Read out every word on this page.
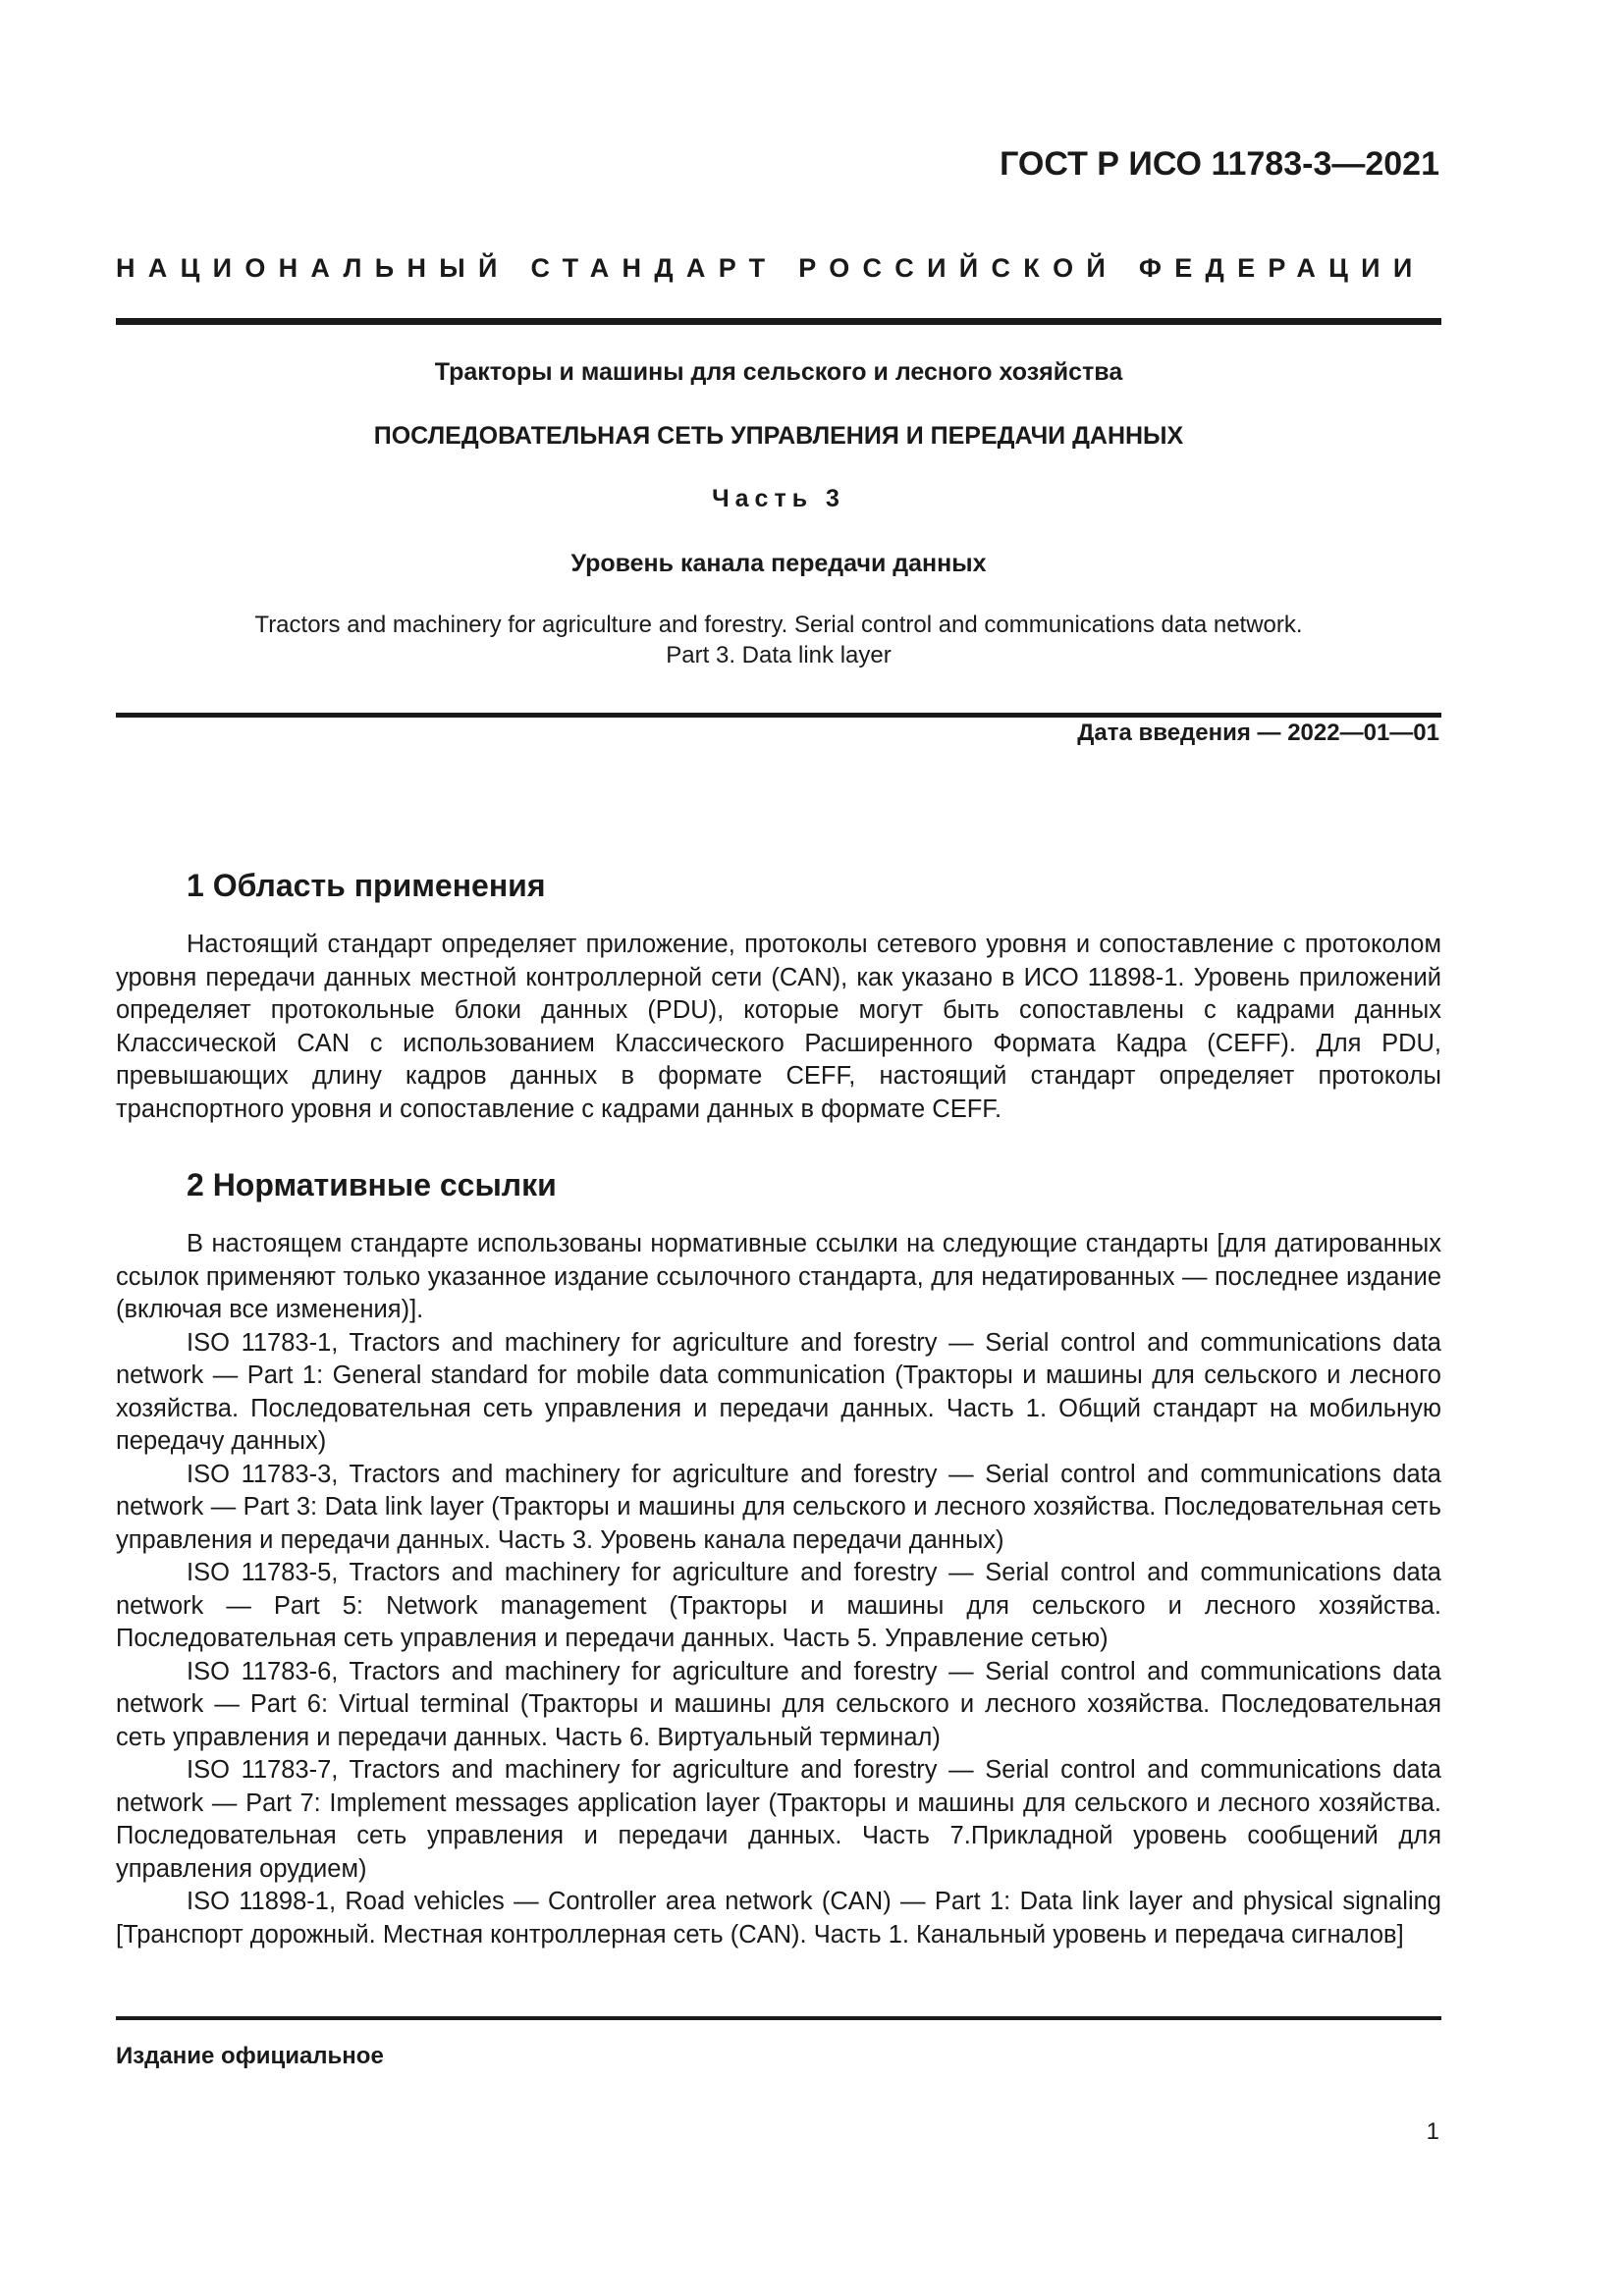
ГОСТ Р ИСО 11783-3—2021
НАЦИОНАЛЬНЫЙ СТАНДАРТ РОССИЙСКОЙ ФЕДЕРАЦИИ
Тракторы и машины для сельского и лесного хозяйства
ПОСЛЕДОВАТЕЛЬНАЯ СЕТЬ УПРАВЛЕНИЯ И ПЕРЕДАЧИ ДАННЫХ
Часть 3
Уровень канала передачи данных
Tractors and machinery for agriculture and forestry. Serial control and communications data network.
Part 3. Data link layer
Дата введения — 2022—01—01
1 Область применения

Настоящий стандарт определяет приложение, протоколы сетевого уровня и сопоставление с протоколом уровня передачи данных местной контроллерной сети (CAN), как указано в ИСО 11898-1. Уровень приложений определяет протокольные блоки данных (PDU), которые могут быть сопоставлены с кадрами данных Классической CAN с использованием Классического Расширенного Формата Кадра (CEFF). Для PDU, превышающих длину кадров данных в формате CEFF, настоящий стандарт определяет протоколы транспортного уровня и сопоставление с кадрами данных в формате CEFF.

2 Нормативные ссылки

В настоящем стандарте использованы нормативные ссылки на следующие стандарты [для датированных ссылок применяют только указанное издание ссылочного стандарта, для недатированных — последнее издание (включая все изменения)].

ISO 11783-1, Tractors and machinery for agriculture and forestry — Serial control and communications data network — Part 1: General standard for mobile data communication (Тракторы и машины для сельского и лесного хозяйства. Последовательная сеть управления и передачи данных. Часть 1. Общий стандарт на мобильную передачу данных)

ISO 11783-3, Tractors and machinery for agriculture and forestry — Serial control and communications data network — Part 3: Data link layer (Тракторы и машины для сельского и лесного хозяйства. Последовательная сеть управления и передачи данных. Часть 3. Уровень канала передачи данных)

ISO 11783-5, Tractors and machinery for agriculture and forestry — Serial control and communications data network — Part 5: Network management (Тракторы и машины для сельского и лесного хозяйства. Последовательная сеть управления и передачи данных. Часть 5. Управление сетью)

ISO 11783-6, Tractors and machinery for agriculture and forestry — Serial control and communications data network — Part 6: Virtual terminal (Тракторы и машины для сельского и лесного хозяйства. Последовательная сеть управления и передачи данных. Часть 6. Виртуальный терминал)

ISO 11783-7, Tractors and machinery for agriculture and forestry — Serial control and communications data network — Part 7: Implement messages application layer (Тракторы и машины для сельского и лесного хозяйства. Последовательная сеть управления и передачи данных. Часть 7.Прикладной уровень сообщений для управления орудием)

ISO 11898-1, Road vehicles — Controller area network (CAN) — Part 1: Data link layer and physical signaling [Транспорт дорожный. Местная контроллерная сеть (CAN). Часть 1. Канальный уровень и передача сигналов]

Издание официальное
1
